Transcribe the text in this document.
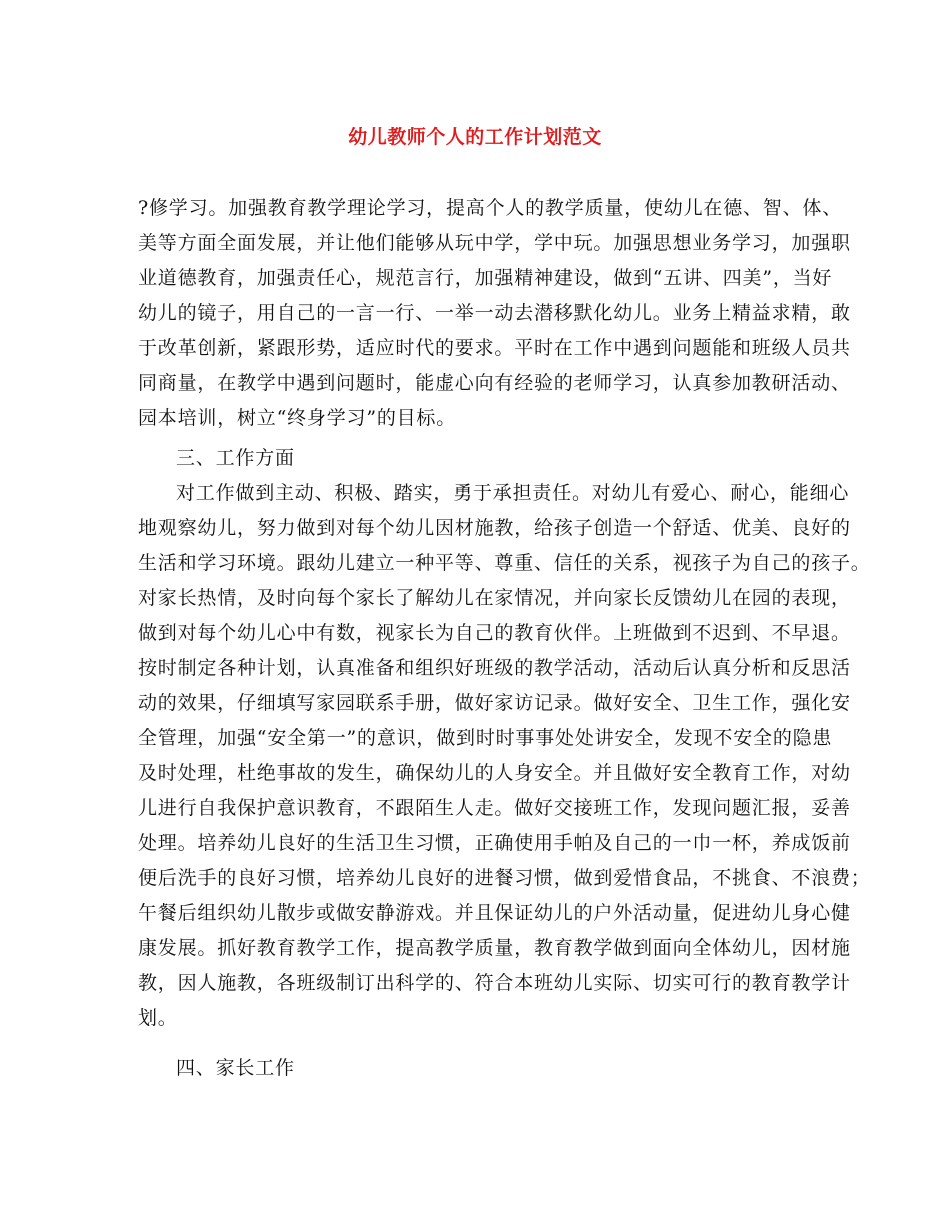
幼儿教师个人的工作计划范文
?修学习。加强教育教学理论学习，提高个人的教学质量，使幼儿在德、智、体、
美等方面全面发展，并让他们能够从玩中学，学中玩。加强思想业务学习，加强职
业道德教育，加强责任心，规范言行，加强精神建设，做到“五讲、四美”，当好
幼儿的镜子，用自己的一言一行、一举一动去潜移默化幼儿。业务上精益求精，敢
于改革创新，紧跟形势，适应时代的要求。平时在工作中遇到问题能和班级人员共
同商量，在教学中遇到问题时，能虚心向有经验的老师学习，认真参加教研活动、
园本培训，树立“终身学习”的目标。
三、工作方面
对工作做到主动、积极、踏实，勇于承担责任。对幼儿有爱心、耐心，能细心
地观察幼儿，努力做到对每个幼儿因材施教，给孩子创造一个舒适、优美、良好的
生活和学习环境。跟幼儿建立一种平等、尊重、信任的关系，视孩子为自己的孩子。
对家长热情，及时向每个家长了解幼儿在家情况，并向家长反馈幼儿在园的表现，
做到对每个幼儿心中有数，视家长为自己的教育伙伴。上班做到不迟到、不早退。
按时制定各种计划，认真准备和组织好班级的教学活动，活动后认真分析和反思活
动的效果，仔细填写家园联系手册，做好家访记录。做好安全、卫生工作，强化安
全管理，加强“安全第一”的意识，做到时时事事处处讲安全，发现不安全的隐患
及时处理，杜绝事故的发生，确保幼儿的人身安全。并且做好安全教育工作，对幼
儿进行自我保护意识教育，不跟陌生人走。做好交接班工作，发现问题汇报，妥善
处理。培养幼儿良好的生活卫生习惯，正确使用手帕及自己的一巾一杯，养成饭前
便后洗手的良好习惯，培养幼儿良好的进餐习惯，做到爱惜食品，不挑食、不浪费；
午餐后组织幼儿散步或做安静游戏。并且保证幼儿的户外活动量，促进幼儿身心健
康发展。抓好教育教学工作，提高教学质量，教育教学做到面向全体幼儿，因材施
教，因人施教，各班级制订出科学的、符合本班幼儿实际、切实可行的教育教学计
划。
四、家长工作
